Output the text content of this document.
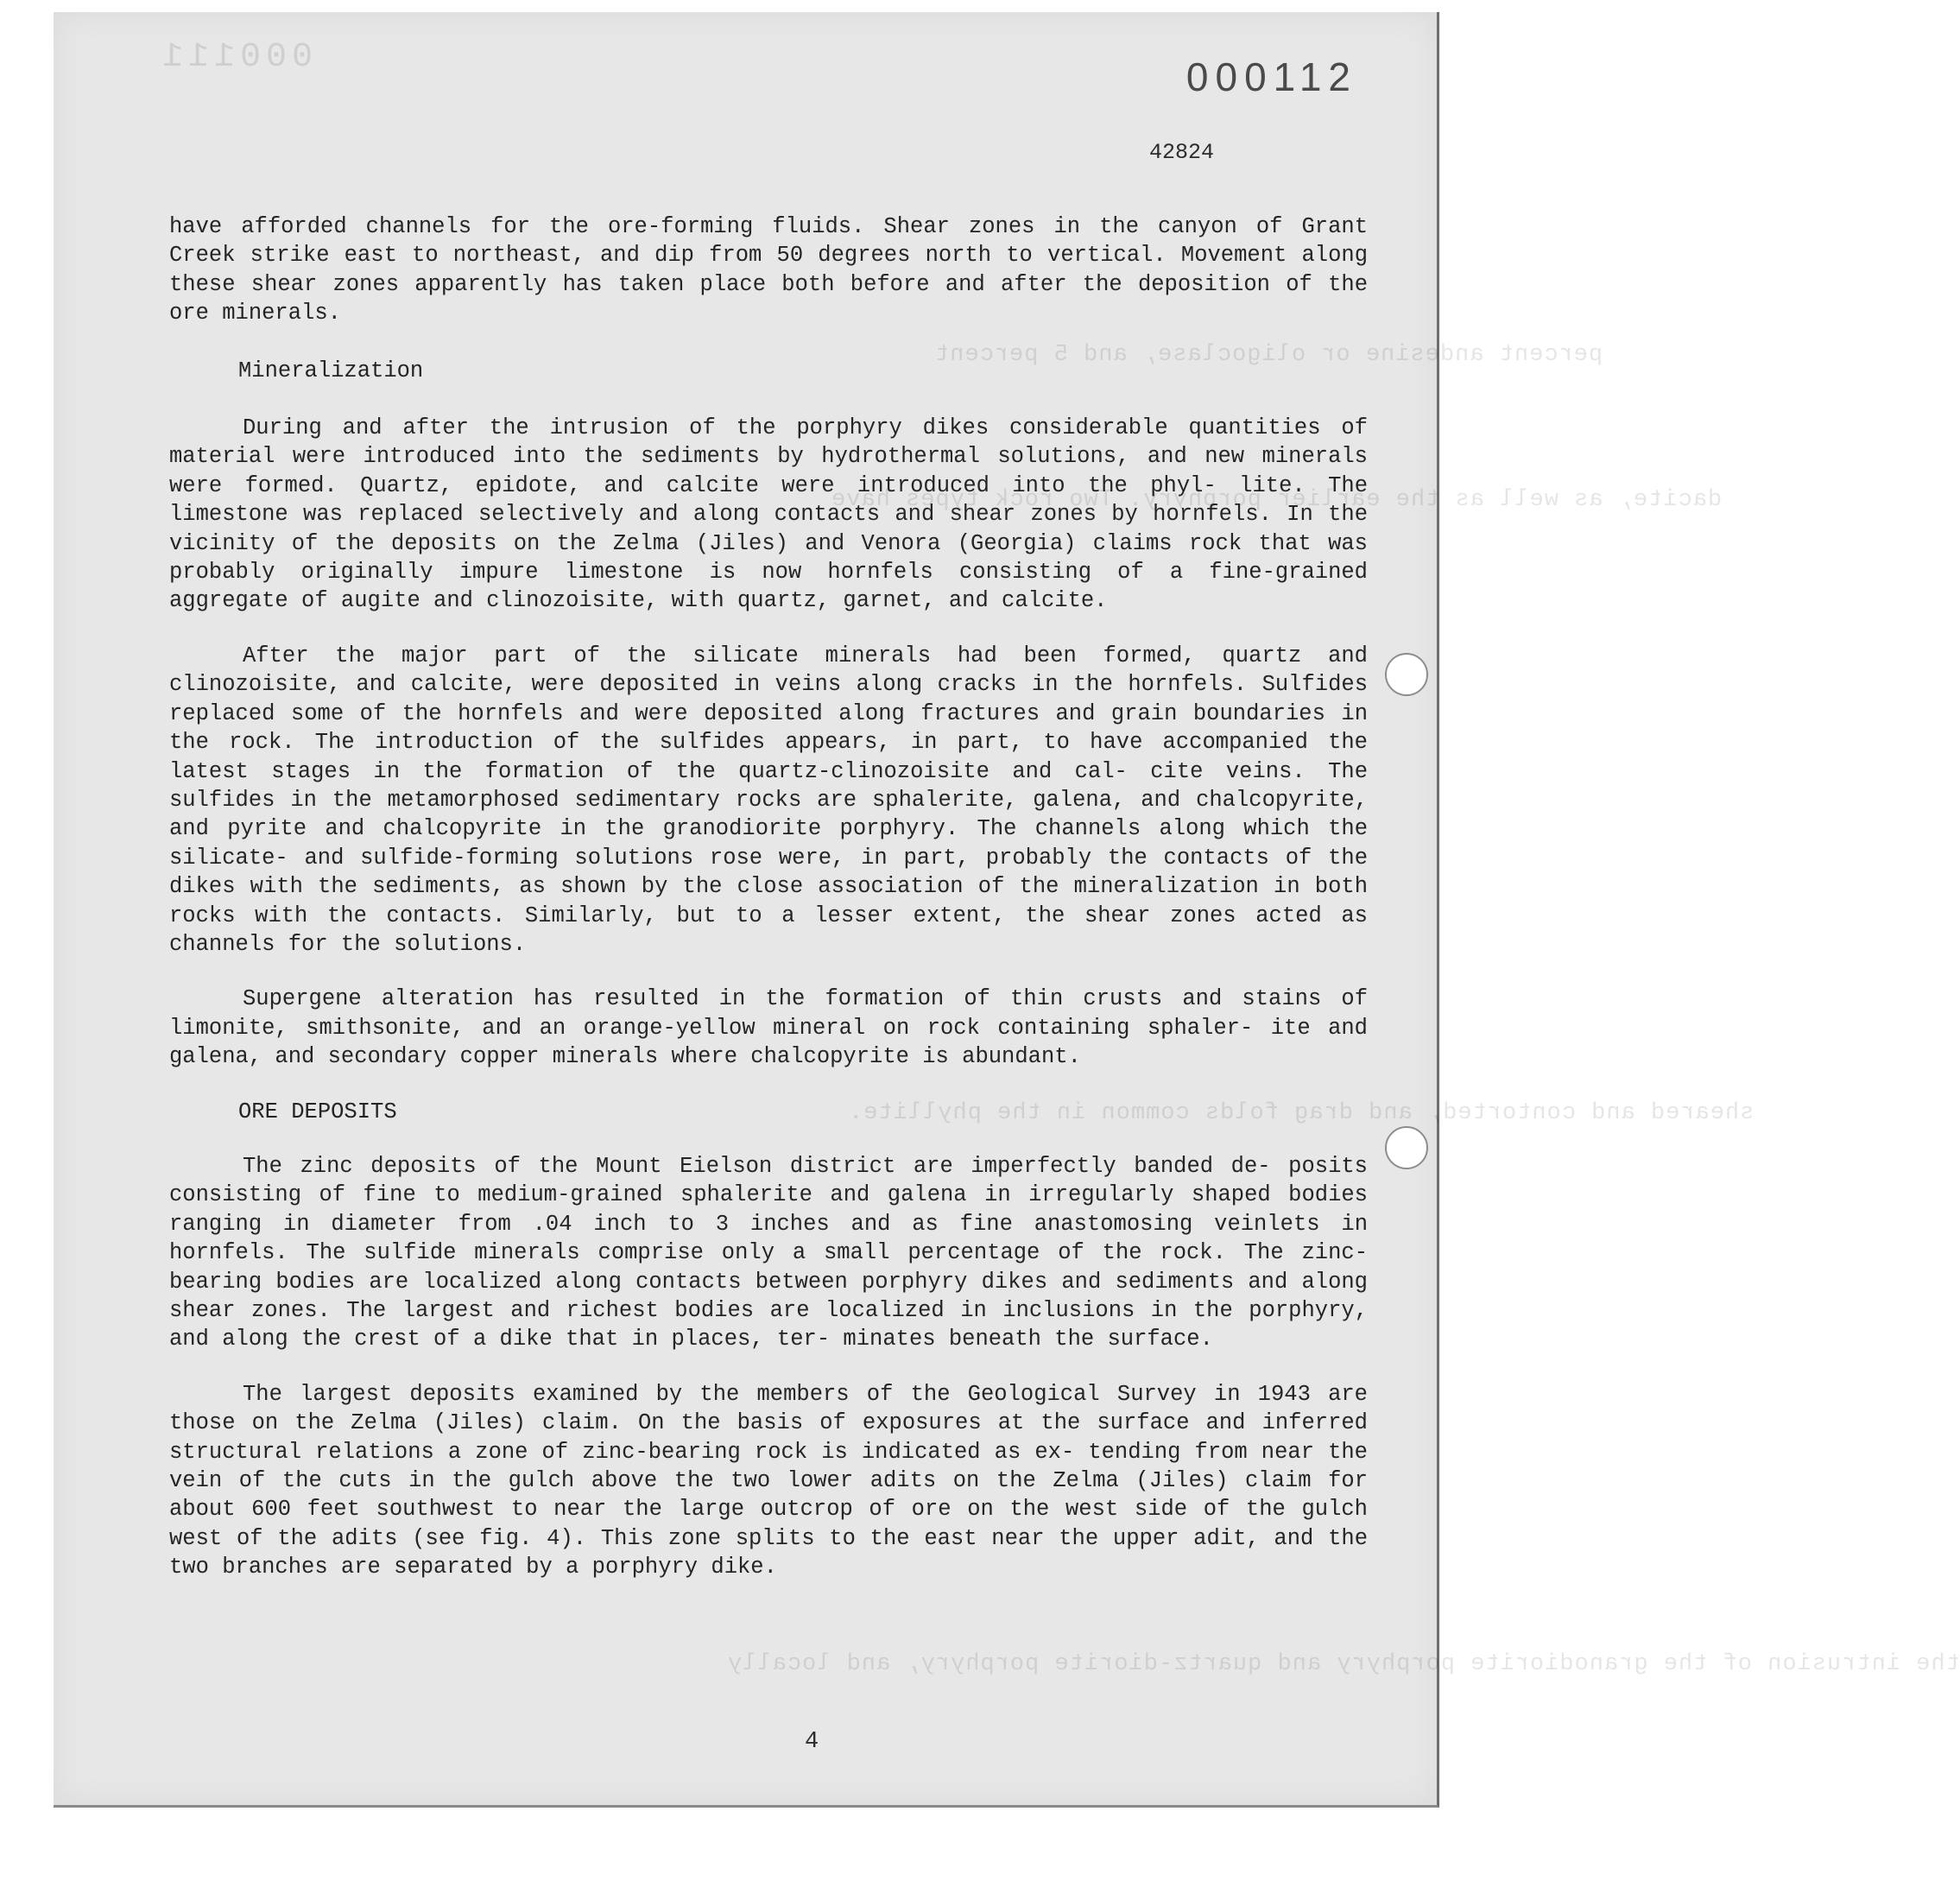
000111
percent andesine or oligoclase, and 5 percent
dacite, as well as the earlier porphyry. Two rock types have
sheared and contorted, and drag folds common in the phyllite.
the intrusion of the granodiorite porphyry and quartz-diorite porphyry, and locally
000112
42824
4

have afforded channels for the ore-forming fluids. Shear zones in the canyon of Grant Creek strike east to northeast, and dip from 50 degrees north to vertical. Movement along these shear zones apparently has taken place both before and after the deposition of the ore minerals.

Mineralization

During and after the intrusion of the porphyry dikes considerable quantities of material were introduced into the sediments by hydrothermal solutions, and new minerals were formed. Quartz, epidote, and calcite were introduced into the phyl- lite. The limestone was replaced selectively and along contacts and shear zones by hornfels. In the vicinity of the deposits on the Zelma (Jiles) and Venora (Georgia) claims rock that was probably originally impure limestone is now hornfels consisting of a fine-grained aggregate of augite and clinozoisite, with quartz, garnet, and calcite.

After the major part of the silicate minerals had been formed, quartz and clinozoisite, and calcite, were deposited in veins along cracks in the hornfels. Sulfides replaced some of the hornfels and were deposited along fractures and grain boundaries in the rock. The introduction of the sulfides appears, in part, to have accompanied the latest stages in the formation of the quartz-clinozoisite and cal- cite veins. The sulfides in the metamorphosed sedimentary rocks are sphalerite, galena, and chalcopyrite, and pyrite and chalcopyrite in the granodiorite porphyry. The channels along which the silicate- and sulfide-forming solutions rose were, in part, probably the contacts of the dikes with the sediments, as shown by the close association of the mineralization in both rocks with the contacts. Similarly, but to a lesser extent, the shear zones acted as channels for the solutions.

Supergene alteration has resulted in the formation of thin crusts and stains of limonite, smithsonite, and an orange-yellow mineral on rock containing sphaler- ite and galena, and secondary copper minerals where chalcopyrite is abundant.

ORE DEPOSITS

The zinc deposits of the Mount Eielson district are imperfectly banded de- posits consisting of fine to medium-grained sphalerite and galena in irregularly shaped bodies ranging in diameter from .04 inch to 3 inches and as fine anastomosing veinlets in hornfels. The sulfide minerals comprise only a small percentage of the rock. The zinc-bearing bodies are localized along contacts between porphyry dikes and sediments and along shear zones. The largest and richest bodies are localized in inclusions in the porphyry, and along the crest of a dike that in places, ter- minates beneath the surface.

The largest deposits examined by the members of the Geological Survey in 1943 are those on the Zelma (Jiles) claim. On the basis of exposures at the surface and inferred structural relations a zone of zinc-bearing rock is indicated as ex- tending from near the vein of the cuts in the gulch above the two lower adits on the Zelma (Jiles) claim for about 600 feet southwest to near the large outcrop of ore on the west side of the gulch west of the adits (see fig. 4). This zone splits to the east near the upper adit, and the two branches are separated by a porphyry dike.
